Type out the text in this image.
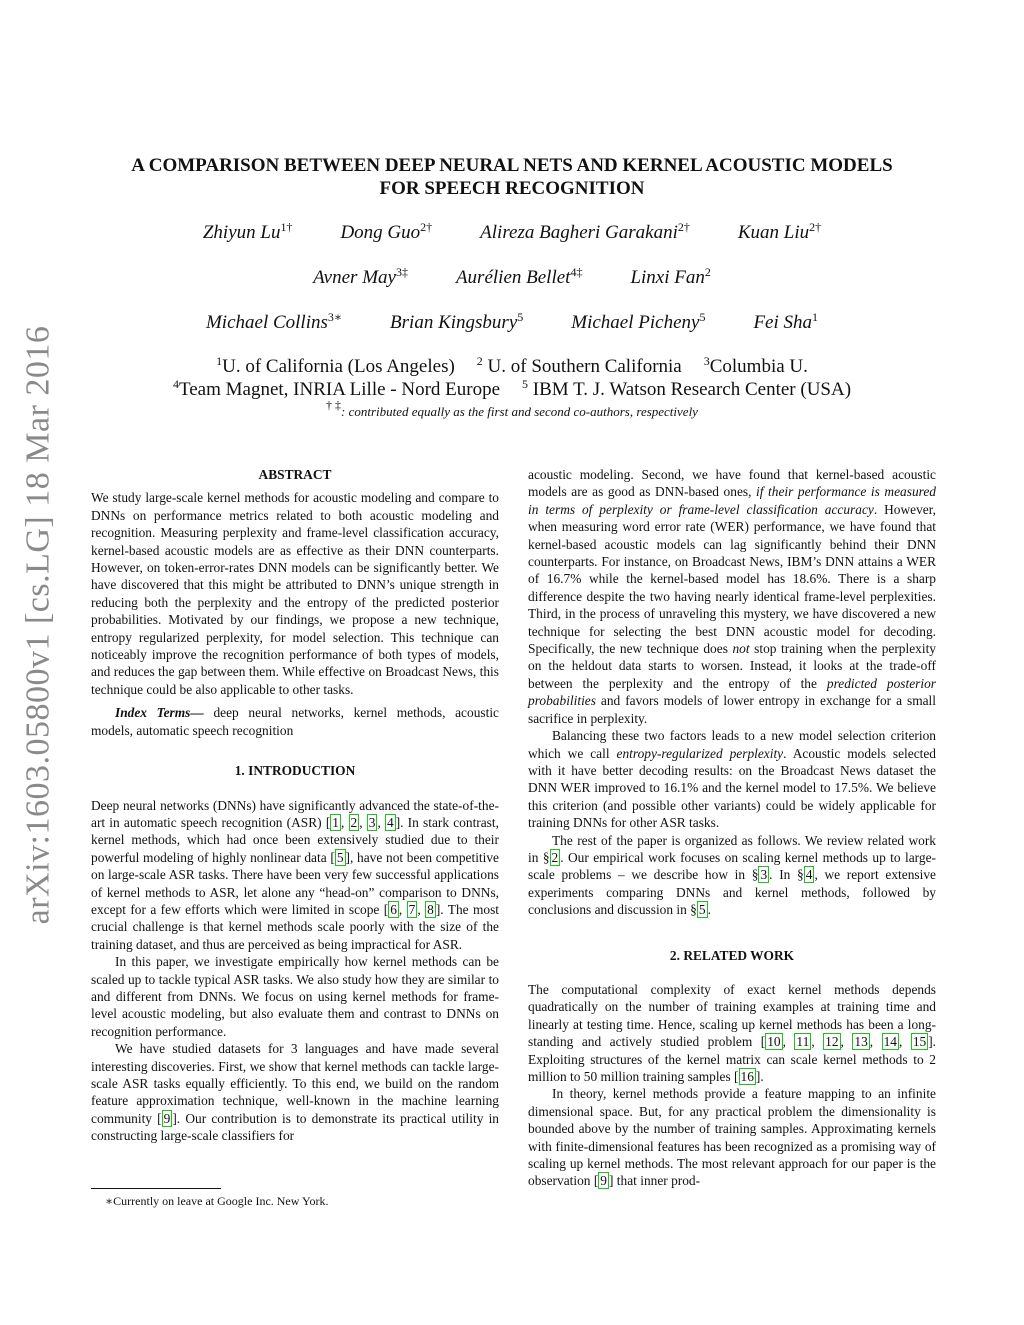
arXiv:1603.05800v1 [cs.LG] 18 Mar 2016
A COMPARISON BETWEEN DEEP NEURAL NETS AND KERNEL ACOUSTIC MODELS
FOR SPEECH RECOGNITION
Zhiyun $Lu^{1\dagger}$	Dong Guo$^{2\dagger}$	Alireza Bagheri Garakani$^{2\dagger}$	Kuan Liu$^{2\dagger}$
Avner May$^{3\ddagger}$	Aurélien Bellet$^{4\ddagger}$	Linxi Fan$^2$
Michael Collins$^{3∗}$	Brian Kingsbury$^5$	Michael Picheny$^5$	Fei Sha$^1$
$^1$U. of California (Los Angeles) $^2$ U. of Southern California $^3$Columbia U.
$^4$Team Magnet, INRIA Lille - Nord Europe $^5$ IBM T. J. Watson Research Center (USA)
† ‡: contributed equally as the first and second co-authors, respectively

ABSTRACT

We study large-scale kernel methods for acoustic modeling and compare to DNNs on performance metrics related to both acoustic modeling and recognition. Measuring perplexity and frame-level classification accuracy, kernel-based acoustic models are as effective as their DNN counterparts. However, on token-error-rates DNN models can be significantly better. We have discovered that this might be attributed to DNN’s unique strength in reducing both the perplexity and the entropy of the predicted posterior probabilities. Motivated by our findings, we propose a new technique, entropy regularized perplexity, for model selection. This technique can noticeably improve the recognition performance of both types of models, and reduces the gap between them. While effective on Broadcast News, this technique could be also applicable to other tasks.

Index Terms— deep neural networks, kernel methods, acoustic models, automatic speech recognition

1. INTRODUCTION

Deep neural networks (DNNs) have significantly advanced the state-of-the-art in automatic speech recognition (ASR) [ 1 , 2 , 3 , 4 ]. In stark contrast, kernel methods, which had once been extensively studied due to their powerful modeling of highly nonlinear data [ 5 ], have not been competitive on large-scale ASR tasks. There have been very few successful applications of kernel methods to ASR, let alone any “head-on” comparison to DNNs, except for a few efforts which were limited in scope [ 6 , 7 , 8 ]. The most crucial challenge is that kernel methods scale poorly with the size of the training dataset, and thus are perceived as being impractical for ASR.

In this paper, we investigate empirically how kernel methods can be scaled up to tackle typical ASR tasks. We also study how they are similar to and different from DNNs. We focus on using kernel methods for frame-level acoustic modeling, but also evaluate them and contrast to DNNs on recognition performance.

We have studied datasets for 3 languages and have made several interesting discoveries. First, we show that kernel methods can tackle large-scale ASR tasks equally efficiently. To this end, we build on the random feature approximation technique, well-known in the machine learning community [ 9 ]. Our contribution is to demonstrate its practical utility in constructing large-scale classifiers for

∗Currently on leave at Google Inc. New York.

acoustic modeling. Second, we have found that kernel-based acoustic models are as good as DNN-based ones, if their performance is measured in terms of perplexity or frame-level classification accuracy. However, when measuring word error rate (WER) performance, we have found that kernel-based acoustic models can lag significantly behind their DNN counterparts. For instance, on Broadcast News, IBM’s DNN attains a WER of 16.7% while the kernel-based model has 18.6%. There is a sharp difference despite the two having nearly identical frame-level perplexities. Third, in the process of unraveling this mystery, we have discovered a new technique for selecting the best DNN acoustic model for decoding. Specifically, the new technique does not stop training when the perplexity on the heldout data starts to worsen. Instead, it looks at the trade-off between the perplexity and the entropy of the predicted posterior probabilities and favors models of lower entropy in exchange for a small sacrifice in perplexity.

Balancing these two factors leads to a new model selection criterion which we call entropy-regularized perplexity. Acoustic models selected with it have better decoding results: on the Broadcast News dataset the DNN WER improved to 16.1% and the kernel model to 17.5%. We believe this criterion (and possible other variants) could be widely applicable for training DNNs for other ASR tasks.

The rest of the paper is organized as follows. We review related work in § 2 . Our empirical work focuses on scaling kernel methods up to large-scale problems – we describe how in § 3 . In § 4 , we report extensive experiments comparing DNNs and kernel methods, followed by conclusions and discussion in § 5 .

2. RELATED WORK

The computational complexity of exact kernel methods depends quadratically on the number of training examples at training time and linearly at testing time. Hence, scaling up kernel methods has been a long-standing and actively studied problem [ 10 , 11 , 12 , 13 , 14 , 15 ]. Exploiting structures of the kernel matrix can scale kernel methods to 2 million to 50 million training samples [ 16 ].

In theory, kernel methods provide a feature mapping to an infinite dimensional space. But, for any practical problem the dimensionality is bounded above by the number of training samples. Approximating kernels with finite-dimensional features has been recognized as a promising way of scaling up kernel methods. The most relevant approach for our paper is the observation [ 9 ] that inner prod-
